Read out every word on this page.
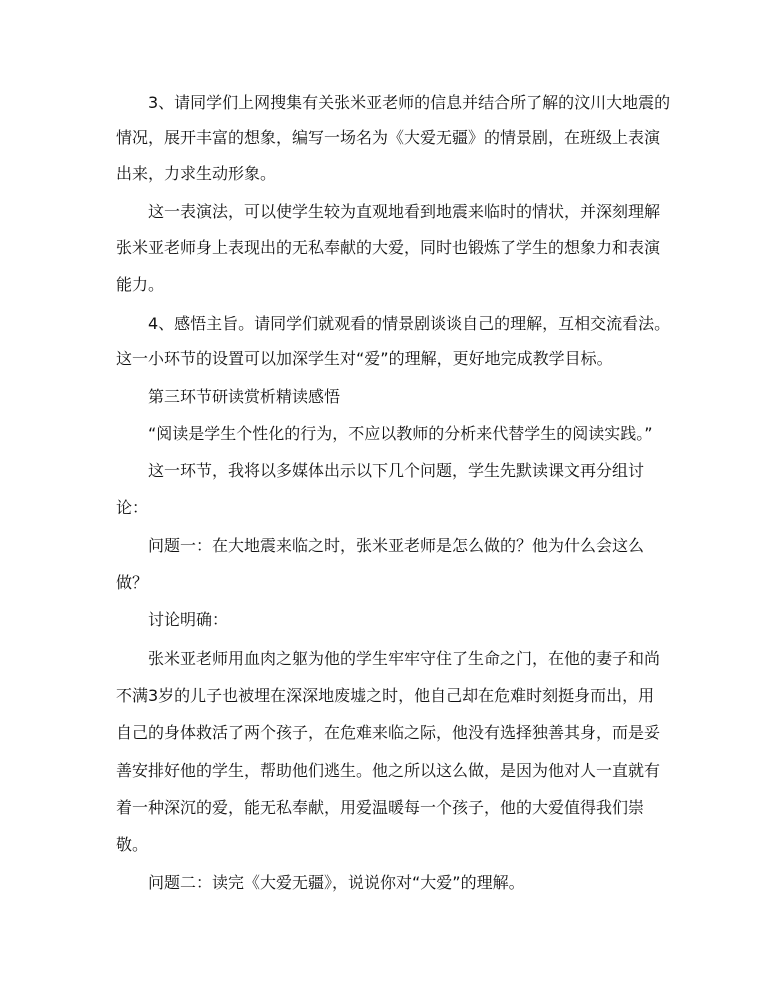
3、请同学们上网搜集有关张米亚老师的信息并结合所了解的汶川大地震的
情况，展开丰富的想象，编写一场名为《大爱无疆》的情景剧，在班级上表演
出来，力求生动形象。
这一表演法，可以使学生较为直观地看到地震来临时的情状，并深刻理解
张米亚老师身上表现出的无私奉献的大爱，同时也锻炼了学生的想象力和表演
能力。
4、感悟主旨。请同学们就观看的情景剧谈谈自己的理解，互相交流看法。
这一小环节的设置可以加深学生对“爱”的理解，更好地完成教学目标。
第三环节研读赏析精读感悟
“阅读是学生个性化的行为，不应以教师的分析来代替学生的阅读实践。”
这一环节，我将以多媒体出示以下几个问题，学生先默读课文再分组讨
论：
问题一：在大地震来临之时，张米亚老师是怎么做的？他为什么会这么
做？
讨论明确：
张米亚老师用血肉之躯为他的学生牢牢守住了生命之门，在他的妻子和尚
不满3岁的儿子也被埋在深深地废墟之时，他自己却在危难时刻挺身而出，用
自己的身体救活了两个孩子，在危难来临之际，他没有选择独善其身，而是妥
善安排好他的学生，帮助他们逃生。他之所以这么做，是因为他对人一直就有
着一种深沉的爱，能无私奉献，用爱温暖每一个孩子，他的大爱值得我们崇
敬。
问题二：读完《大爱无疆》，说说你对“大爱”的理解。
